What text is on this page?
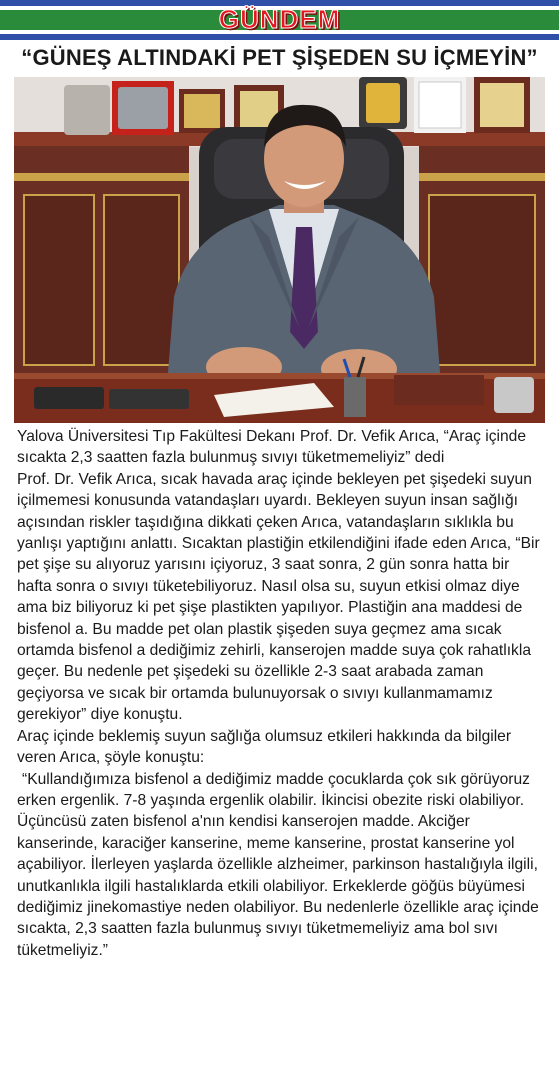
GÜNDEM
“GÜNEŞ ALTINDAKİ PET ŞİŞEDEN SU İÇMEYİN”

Yalova Üniversitesi Tıp Fakültesi Dekanı Prof. Dr. Vefik Arıca, “Araç içinde sıcakta 2,3 saatten fazla bulunmuş sıvıyı tüketmemeliyiz” dedi

Prof. Dr. Vefik Arıca, sıcak havada araç içinde bekleyen pet şişedeki suyun içilmemesi konusunda vatandaşları uyardı. Bekleyen suyun insan sağlığı açısından riskler taşıdığına dikkati çeken Arıca, vatandaşların sıklıkla bu yanlışı yaptığını anlattı. Sıcaktan plastiğin etkilendiğini ifade eden Arıca, “Bir pet şişe su alıyoruz yarısını içiyoruz, 3 saat sonra, 2 gün sonra hatta bir hafta sonra o sıvıyı tüketebiliyoruz. Nasıl olsa su, suyun etkisi olmaz diye ama biz biliyoruz ki pet şişe plastikten yapılıyor. Plastiğin ana maddesi de bisfenol a. Bu madde pet olan plastik şişeden suya geçmez ama sıcak ortamda bisfenol a dediğimiz zehirli, kanserojen madde suya çok rahatlıkla geçer. Bu nedenle pet şişedeki su özellikle 2-3 saat arabada zaman geçiyorsa ve sıcak bir ortamda bulunuyorsak o sıvıyı kullanmamamız gerekiyor” diye konuştu.

Araç içinde beklemiş suyun sağlığa olumsuz etkileri hakkında da bilgiler veren Arıca, şöyle konuştu:

“Kullandığımıza bisfenol a dediğimiz madde çocuklarda çok sık görüyoruz erken ergenlik. 7-8 yaşında ergenlik olabilir. İkincisi obezite riski olabiliyor. Üçüncüsü zaten bisfenol a'nın kendisi kanserojen madde. Akciğer kanserinde, karaciğer kanserine, meme kanserine, prostat kanserine yol açabiliyor. İlerleyen yaşlarda özellikle alzheimer, parkinson hastalığıyla ilgili, unutkanlıkla ilgili hastalıklarda etkili olabiliyor. Erkeklerde göğüs büyümesi dediğimiz jinekomastiye neden olabiliyor. Bu nedenlerle özellikle araç içinde sıcakta, 2,3 saatten fazla bulunmuş sıvıyı tüketmemeliyiz ama bol sıvı tüketmeliyiz.”
